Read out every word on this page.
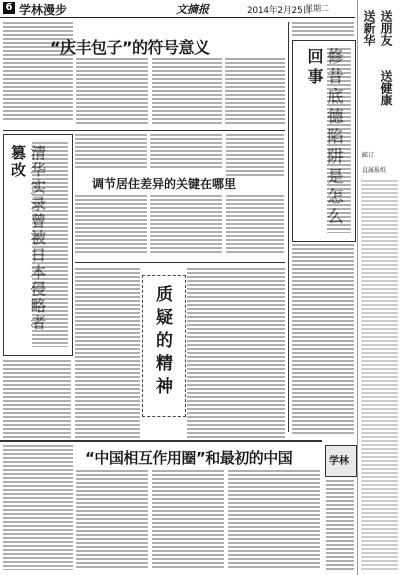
6 学林漫步	文摘报	2014年2月25日
星期二
“庆丰包子”的符号意义
篡改
调节居住差异的关键在哪里
质疑的精神
回事
学林
“中国相互作用圈”和最初的中国
送新华 送朋友
送健康
邮订
直属报纸
